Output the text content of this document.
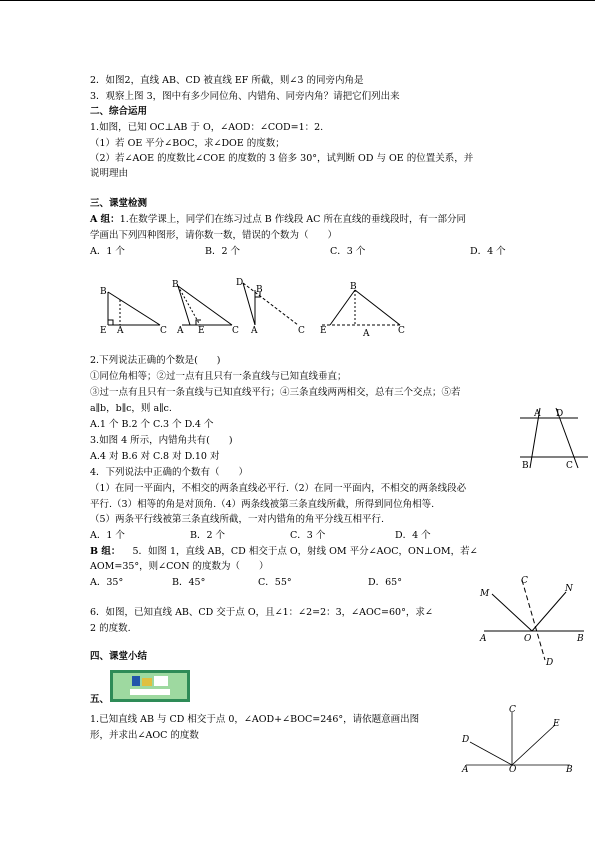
2．如图2，直线 AB、CD 被直线 EF 所截，则∠3 的同旁内角是
3．观察上图 3，图中有多少同位角、内错角、同旁内角？请把它们列出来
二、综合运用
1.如图，已知 OC⊥AB 于 O，∠AOD：∠COD=1：2.
（1）若 OE 平分∠BOC，求∠DOE 的度数；
（2）若∠AOE 的度数比∠COE 的度数的 3 倍多 30°，试判断 OD 与 OE 的位置关系，并
说明理由
三、课堂检测
A 组：1.在数学课上，同学们在练习过点 B 作线段 AC 所在直线的垂线段时，有一部分同
学画出下列四种图形，请你数一数，错误的个数为（　　）
A．1 个	B．2 个	C．3 个	D．4 个
B
E A	C
B
A E	C
D
B
A	C
B
E	A	C
2.下列说法正确的个数是(　　)
①同位角相等；②过一点有且只有一条直线与已知直线垂直；
③过一点有且只有一条直线与已知直线平行；④三条直线两两相交，总有三个交点；⑤若
a∥b，b∥c，则 a∥c.
A.1 个 B.2 个 C.3 个 D.4 个
3.如图 4 所示，内错角共有(　　)
A.4 对 B.6 对 C.8 对 D.10 对
A D
B	C
4．下列说法中正确的个数有（　　）
（1）在同一平面内，不相交的两条直线必平行.（2）在同一平面内，不相交的两条线段必
平行.（3）相等的角是对顶角.（4）两条线被第三条直线所截，所得到同位角相等.
（5）两条平行线被第三条直线所截，一对内错角的角平分线互相平行.
A．1 个	B．2 个	C．3 个	D．4 个
B 组： 5．如图 1，直线 AB，CD 相交于点 O，射线 OM 平分∠AOC，ON⊥OM，若∠
AOM=35°，则∠CON 的度数为（　　）
A．35°	B．45°	C．55°	D．65°
6．如图，已知直线 AB、CD 交于点 O，且∠1：∠2=2：3，∠AOC=60°，求∠
2 的度数.
M
C
N
A	O	B
D
四、课堂小结
五、
1.已知直线 AB 与 CD 相交于点 0，∠AOD+∠BOC=246°，请依题意画出图
形，并求出∠AOC 的度数
C
E
D
A	O	B
